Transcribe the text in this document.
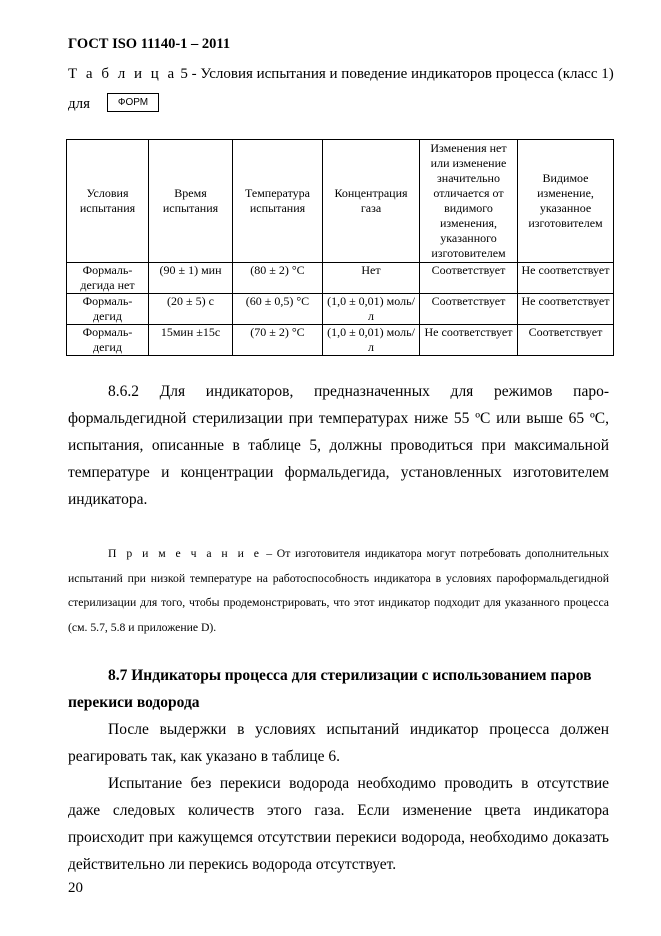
ГОСТ ISO 11140-1 – 2011
Т а б л и ц а 5 - Условия испытания и поведение индикаторов процесса (класс 1)
для	ФОРМ
Условия испытания	Время испытания	Температура испытания	Концентрация газа	Изменения нет или изменение значительно отличается от видимого изменения, указанного изготовителем	Видимое изменение, указанное изготовителем
Формаль-дегида нет	(90 ± 1) мин	(80 ± 2) °С	Нет	Соответствует	Не соответствует
Формаль-дегид	(20 ± 5) с	(60 ± 0,5) °С	(1,0 ± 0,01) моль/л	Соответствует	Не соответствует
Формаль-дегид	15мин ±15с	(70 ± 2) °С	(1,0 ± 0,01) моль/л	Не соответствует	Соответствует
8.6.2 Для индикаторов, предназначенных для режимов паро-формальдегидной стерилизации при температурах ниже 55 ºС или выше 65 ºС, испытания, описанные в таблице 5, должны проводиться при максимальной температуре и концентрации формальдегида, установленных изготовителем индикатора.
П р и м е ч а н и е – От изготовителя индикатора могут потребовать дополнительных испытаний при низкой температуре на работоспособность индикатора в условиях пароформальдегидной стерилизации для того, чтобы продемонстрировать, что этот индикатор подходит для указанного процесса (см. 5.7, 5.8 и приложение D).
8.7 Индикаторы процесса для стерилизации с использованием паров перекиси водорода
После выдержки в условиях испытаний индикатор процесса должен реагировать так, как указано в таблице 6.
Испытание без перекиси водорода необходимо проводить в отсутствие даже следовых количеств этого газа. Если изменение цвета индикатора происходит при кажущемся отсутствии перекиси водорода, необходимо доказать действительно ли перекись водорода отсутствует.
20
